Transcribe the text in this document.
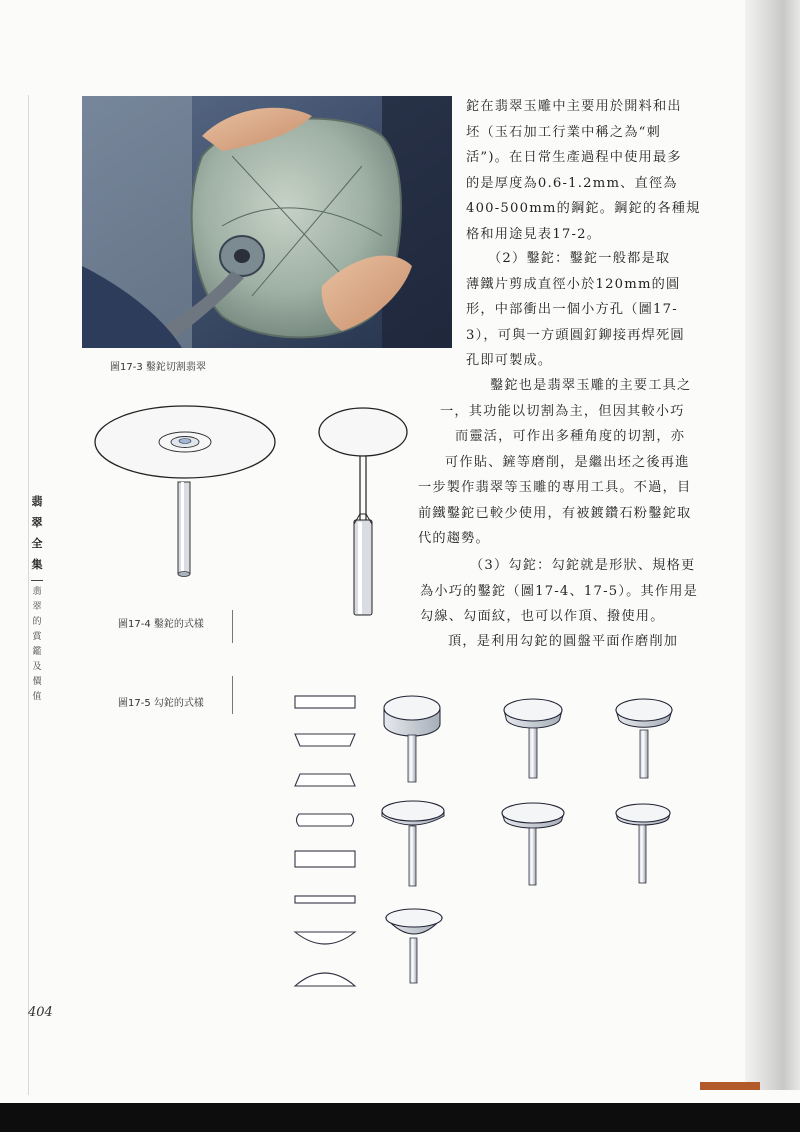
圖17-3 鑿鉈切割翡翠
鉈在翡翠玉雕中主要用於開料和出
坯（玉石加工行業中稱之為“刺
活”)。在日常生產過程中使用最多
的是厚度為0.6-1.2mm、直徑為
400-500mm的鋼鉈。鋼鉈的各種規
格和用途見表17-2。
（2）鑿鉈：鑿鉈一般都是取
薄鐵片剪成直徑小於120mm的圓
形，中部衝出一個小方孔（圖17-
3），可與一方頭圓釘鉚接再焊死圓
孔即可製成。
鑿鉈也是翡翠玉雕的主要工具之
一，其功能以切割為主，但因其較小巧
而靈活，可作出多種角度的切割，亦
可作貼、鏟等磨削，是繼出坯之後再進
一步製作翡翠等玉雕的專用工具。不過，目
前鐵鑿鉈已較少使用，有被鍍鑽石粉鑿鉈取
代的趨勢。
（3）勾鉈：勾鉈就是形狀、規格更
為小巧的鑿鉈（圖17-4、17-5）。其作用是
勾線、勾面紋，也可以作頂、撥使用。
頂，是利用勾鉈的圓盤平面作磨削加
圖17-4 鑿鉈的式樣
圖17-5 勾鉈的式樣
翡
翠
全
集
翡
翠
的
賞
鑑
及
價
值
404
